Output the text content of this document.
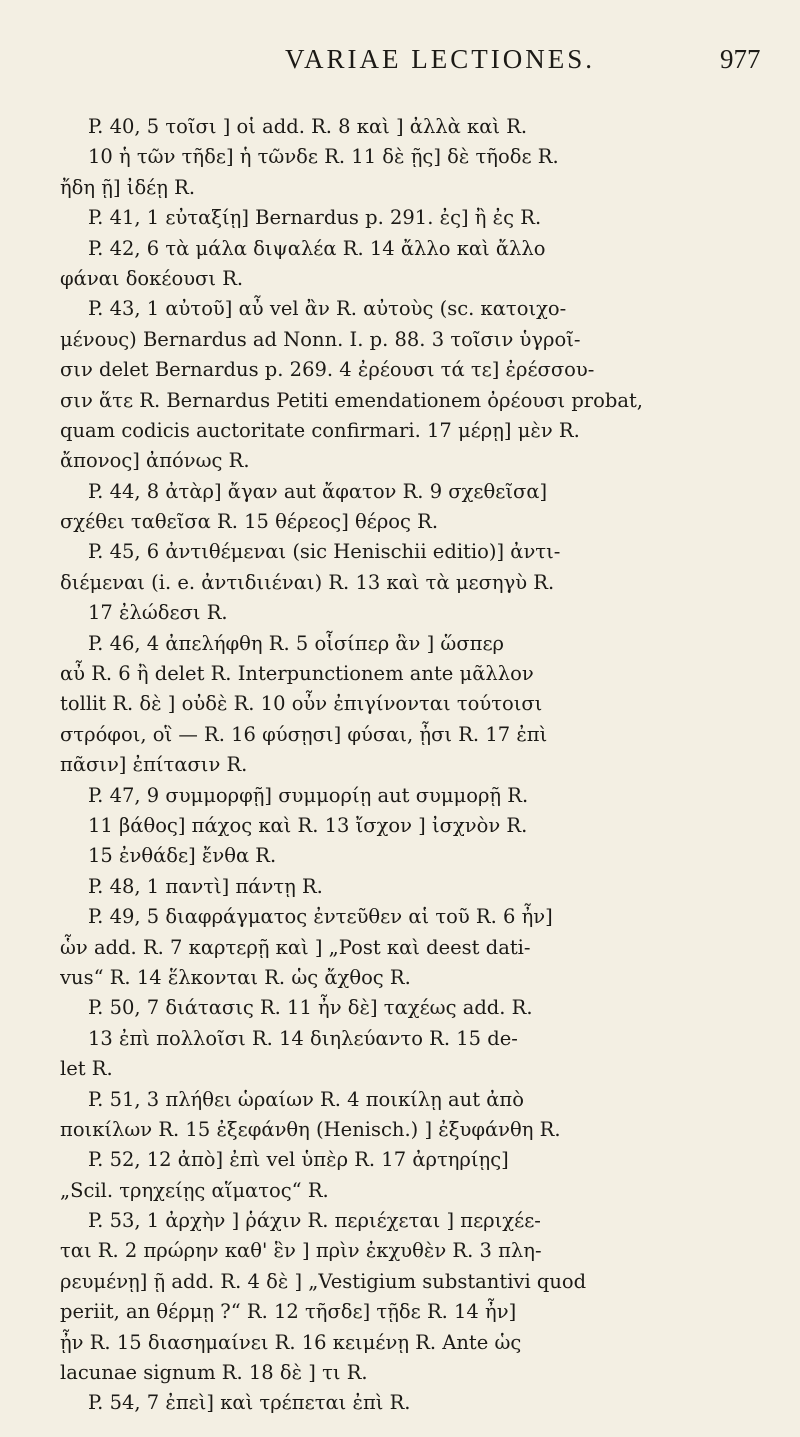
VARIAE LECTIONES.	977
P. 40, 5 τοῖσι ] οἱ add. R. 8 καὶ ] ἀλλὰ καὶ R.
10 ἡ τῶν τῆδε] ἡ τῶνδε R. 11 δὲ ῇς] δὲ τῆοδε R.
ἤδη ῇ] ἰδέῃ R.
P. 41, 1 εὐταξίῃ] Bernardus p. 291. ἐς] ἢ ἐς R.
P. 42, 6 τὰ μάλα διψαλέα R. 14 ἄλλο καὶ ἄλλο
φάναι δοκέουσι R.
P. 43, 1 αὐτοῦ] αὖ vel ἂν R. αὐτοὺς (sc. κατοιχο-
μένους) Bernardus ad Nonn. I. p. 88. 3 τοῖσιν ὑγροῖ-
σιν delet Bernardus p. 269. 4 ἐρέουσι τά τε] ἐρέσσου-
σιν ἅτε R. Bernardus Petiti emendationem ὀρέουσι probat,
quam codicis auctoritate confirmari. 17 μέρῃ] μὲν R.
ἄπονος] ἀπόνως R.
P. 44, 8 ἀτὰρ] ἄγαν aut ἄφατον R. 9 σχεθεῖσα]
σχέθει ταθεῖσα R. 15 θέρεος] θέρος R.
P. 45, 6 ἀντιθέμεναι (sic Henischii editio)] ἀντι-
διέμεναι (i. e. ἀντιδιιέναι) R. 13 καὶ τὰ μεσηγὺ R.
17 ἐλώδεσι R.
P. 46, 4 ἀπελήφθη R. 5 οἷσίπερ ἂν ] ὥσπερ
αὖ R. 6 ἢ delet R. Interpunctionem ante μᾶλλον
tollit R. δὲ ] οὐδὲ R. 10 οὖν ἐπιγίνονται τούτοισι
στρόφοι, οἳ — R. 16 φύσῃσι] φύσαι, ᾖσι R. 17 ἐπὶ
πᾶσιν] ἐπίτασιν R.
P. 47, 9 συμμορφῇ] συμμορίῃ aut συμμορῇ R.
11 βάθος] πάχος καὶ R. 13 ἴσχον ] ἰσχνὸν R.
15 ἐνθάδε] ἔνθα R.
P. 48, 1 παντὶ] πάντῃ R.
P. 49, 5 διαφράγματος ἐντεῦθεν αἱ τοῦ R. 6 ἦν]
ὧν add. R. 7 καρτερῇ καὶ ] „Post καὶ deest dati-
vus“ R. 14 ἕλκονται R. ὡς ἄχθος R.
P. 50, 7 διάτασις R. 11 ἦν δὲ] ταχέως add. R.
13 ἐπὶ πολλοῖσι R. 14 διηλεύαντο R. 15 de-
let R.
P. 51, 3 πλήθει ὡραίων R. 4 ποικίλῃ aut ἀπὸ
ποικίλων R. 15 ἐξεφάνθη (Henisch.) ] ἐξυφάνθη R.
P. 52, 12 ἀπὸ] ἐπὶ vel ὑπὲρ R. 17 ἀρτηρίῃς]
„Scil. τρηχείῃς αἵματος“ R.
P. 53, 1 ἀρχὴν ] ῥάχιν R. περιέχεται ] περιχέε-
ται R. 2 πρώρην καθ' ἓν ] πρὶν ἐκχυθὲν R. 3 πλη-
ρευμένῃ] ῇ add. R. 4 δὲ ] „Vestigium substantivi quod
periit, an θέρμῃ ?“ R. 12 τῆσδε] τῇδε R. 14 ἦν]
ᾖν R. 15 διασημαίνει R. 16 κειμένῃ R. Ante ὡς
lacunae signum R. 18 δὲ ] τι R.
P. 54, 7 ἐπεὶ] καὶ τρέπεται ἐπὶ R.
